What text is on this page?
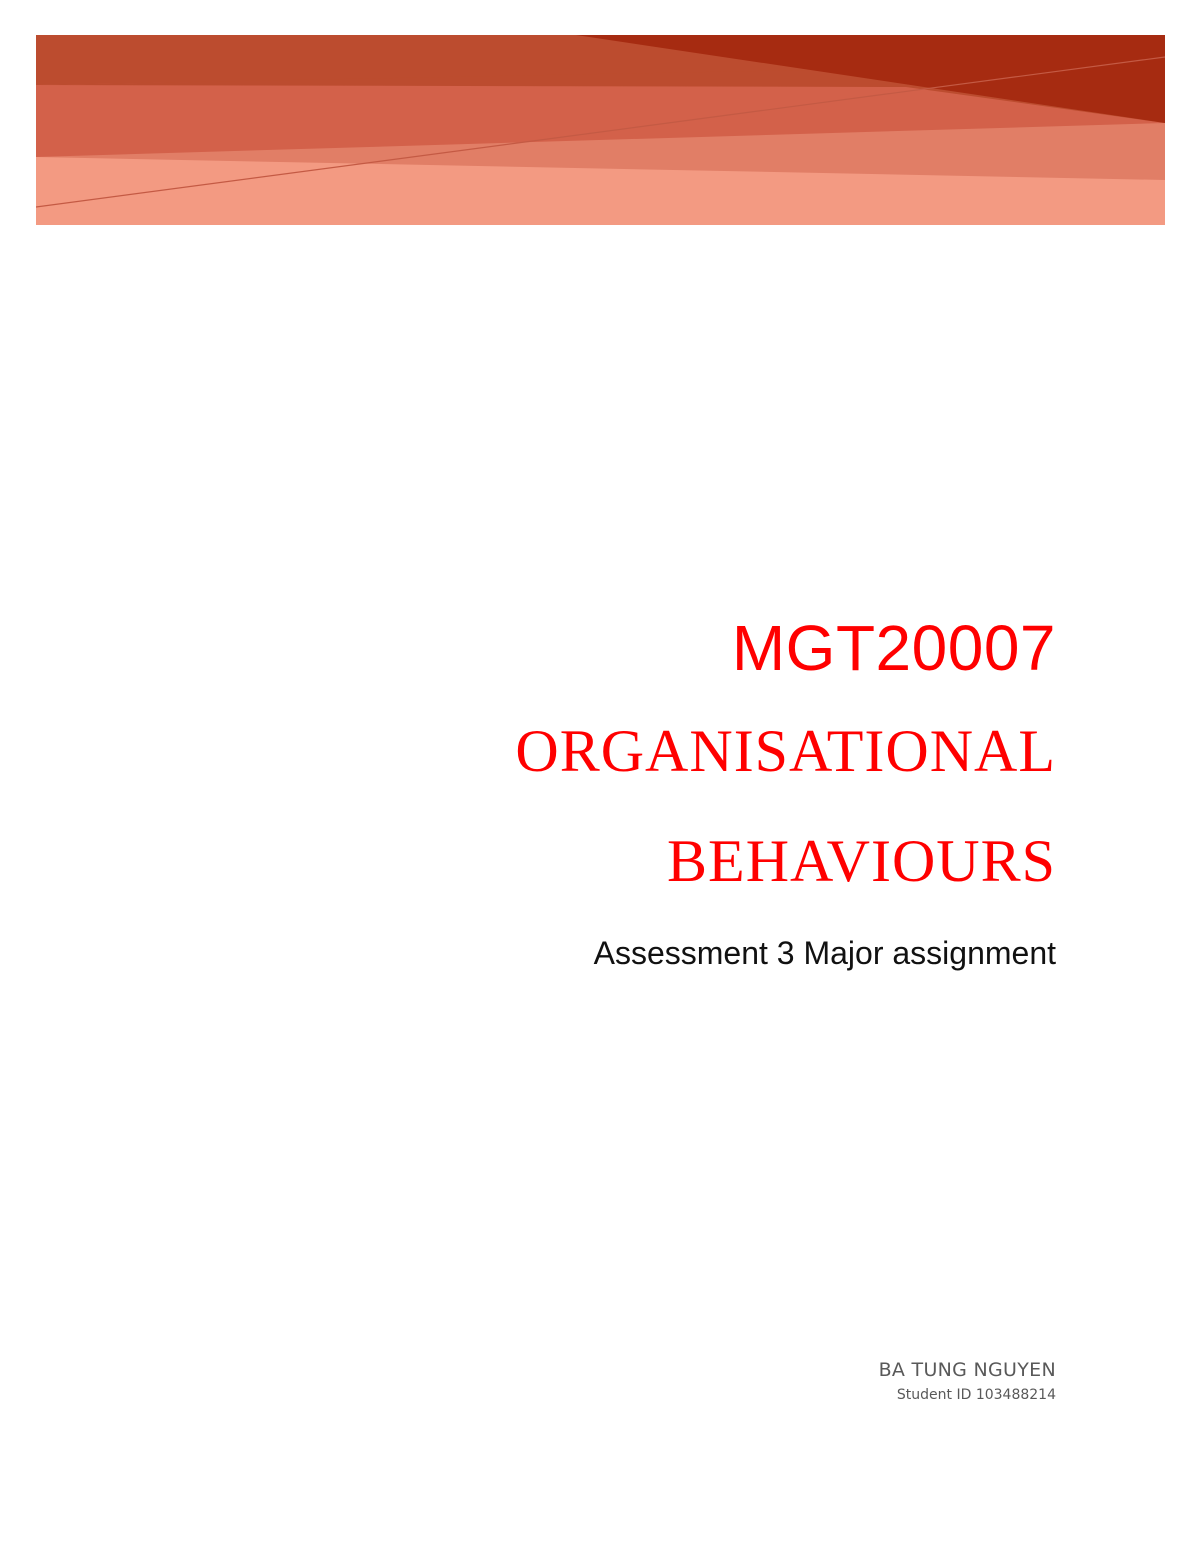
MGT20007
ORGANISATIONAL
BEHAVIOURS

Assessment 3 Major assignment

BA TUNG NGUYEN

Student ID 103488214
